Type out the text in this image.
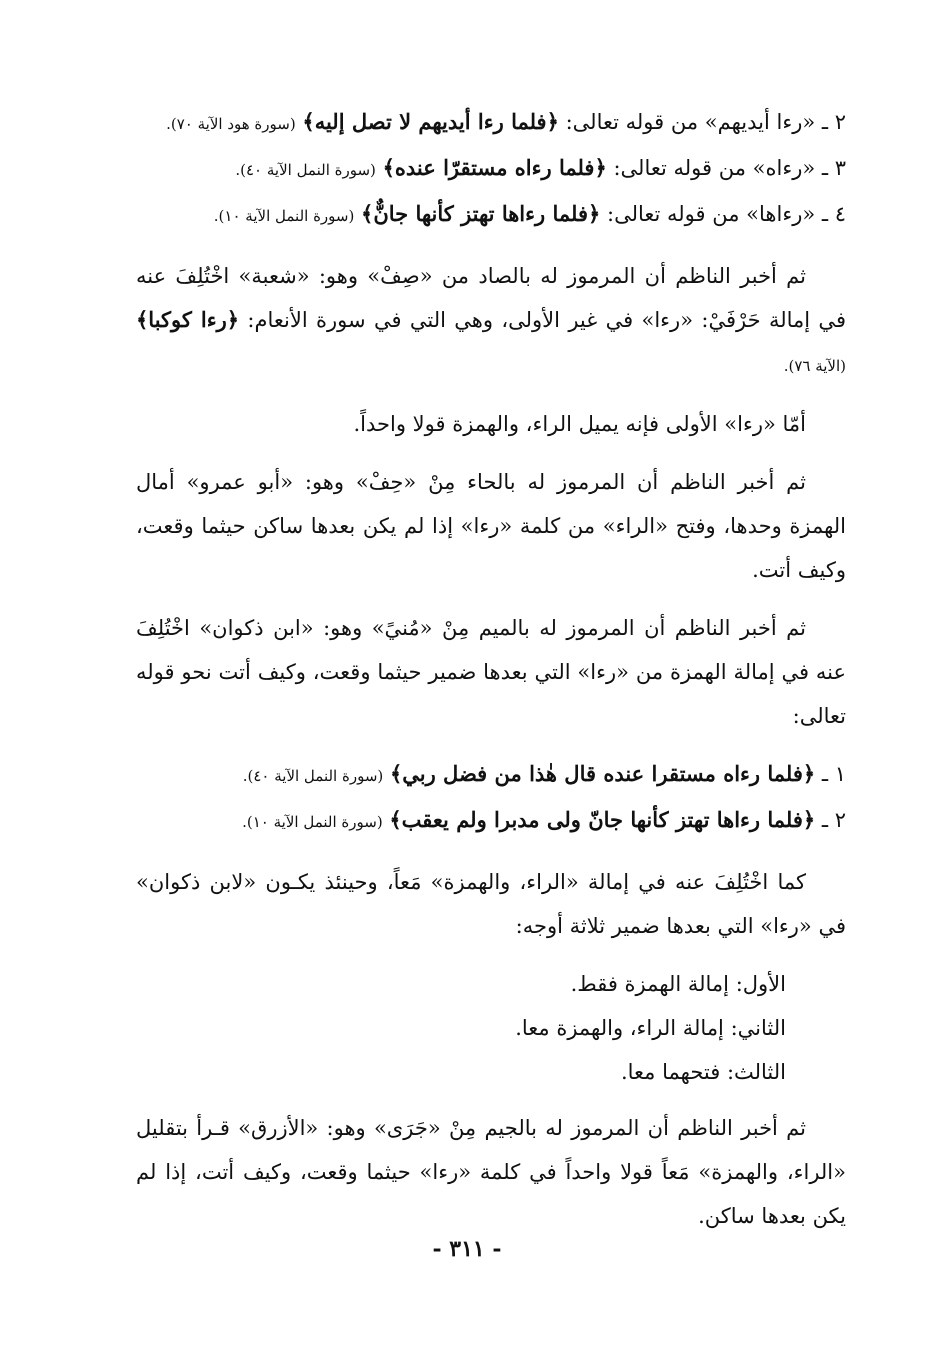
٢ ـ «رءا أيديهم» من قوله تعالى: ﴿فلما رءا أيديهم لا تصل إليه﴾ (سورة هود الآية ٧٠).

٣ ـ «رءاه» من قوله تعالى: ﴿فلما رءاه مستقرّا عنده﴾ (سورة النمل الآية ٤٠).

٤ ـ «رءاها» من قوله تعالى: ﴿فلما رءاها تهتز كأنها جانٌّ﴾ (سورة النمل الآية ١٠).

ثم أخبر الناظم أن المرموز له بالصاد من «صِفْ» وهو: «شعبة» اخْتُلِفَ عنه في إمالة حَرْفَيْ: «رءا» في غير الأولى، وهي التي في سورة الأنعام: ﴿رءا كوكبا﴾ (الآية ٧٦).

أمّا «رءا» الأولى فإنه يميل الراء، والهمزة قولا واحداً.

ثم أخبر الناظم أن المرموز له بالحاء مِنْ «حِفْ» وهو: «أبو عمرو» أمال الهمزة وحدها، وفتح «الراء» من كلمة «رءا» إذا لم يكن بعدها ساكن حيثما وقعت، وكيف أتت.

ثم أخبر الناظم أن المرموز له بالميم مِنْ «مُنيً» وهو: «ابن ذكوان» اخْتُلِفَ عنه في إمالة الهمزة من «رءا» التي بعدها ضمير حيثما وقعت، وكيف أتت نحو قوله تعالى:

١ ـ ﴿فلما رءاه مستقرا عنده قال هٰذا من فضل ربي﴾ (سورة النمل الآية ٤٠).

٢ ـ ﴿فلما رءاها تهتز كأنها جانّ ولى مدبرا ولم يعقب﴾ (سورة النمل الآية ١٠).

كما اخْتُلِفَ عنه في إمالة «الراء، والهمزة» مَعاً، وحينئذ يكـون «لابن ذكوان» في «رءا» التي بعدها ضمير ثلاثة أوجه:

الأول: إمالة الهمزة فقط.

الثاني: إمالة الراء، والهمزة معا.

الثالث: فتحهما معا.

ثم أخبر الناظم أن المرموز له بالجيم مِنْ «جَرَى» وهو: «الأزرق» قـرأ بتقليل «الراء، والهمزة» مَعاً قولا واحداً في كلمة «رءا» حيثما وقعت، وكيف أتت، إذا لم يكن بعدها ساكن.

- ٣١١ -
